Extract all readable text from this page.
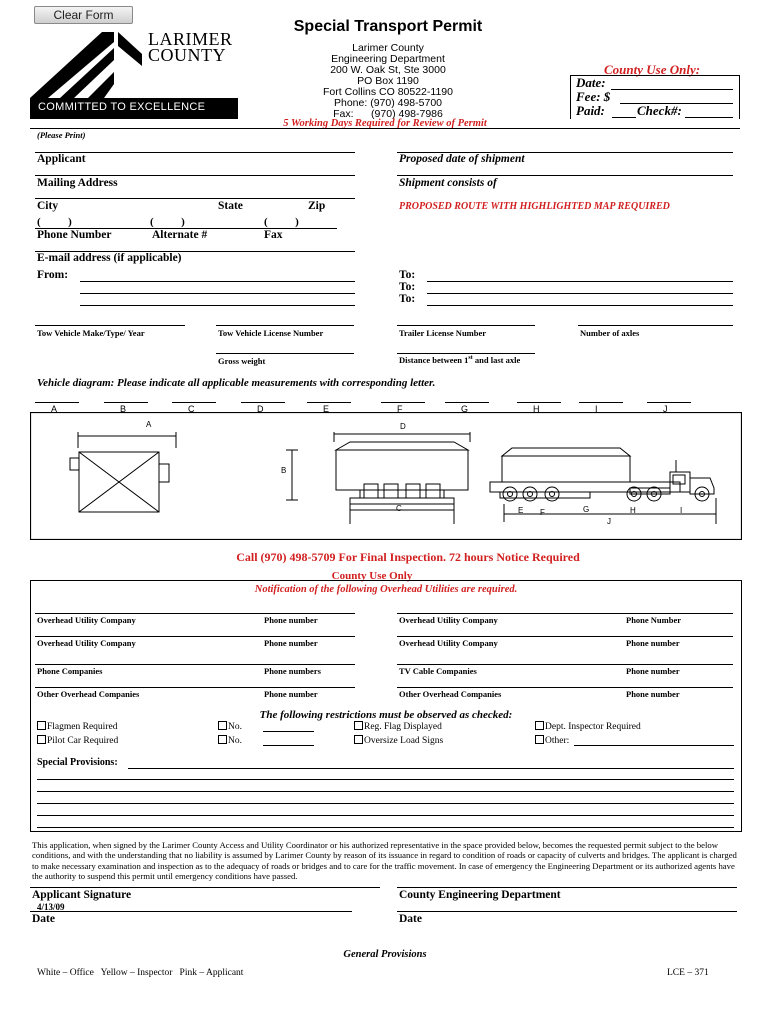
Clear Form
LARIMER
COUNTY
COMMITTED TO EXCELLENCE
Special Transport Permit
Larimer County
Engineering Department
200 W. Oak St, Ste 3000
PO Box 1190
Fort Collins CO 80522-1190
Phone: (970) 498-5700
Fax:      (970) 498-7986
5 Working Days Required for Review of Permit
County Use Only:
Date:
Fee: $
Paid: Check#:
(Please Print)
Applicant
Mailing Address
City	State	Zip
(          )	(          )	(          )
Phone Number	Alternate #	Fax
E-mail address (if applicable)
From:
Proposed date of shipment
Shipment consists of
PROPOSED ROUTE WITH HIGHLIGHTED MAP REQUIRED
To:
To:
To:
Tow Vehicle Make/Type/ Year	Tow Vehicle License Number	Trailer License Number	Number of axles
Gross weight	Distance between 1st and last axle
Vehicle diagram: Please indicate all applicable measurements with corresponding letter.
A	B	C	D	E	F	G	H	I	J
A	D
B
C	E F	G	H	I
J
Call (970) 498-5709 For Final Inspection. 72 hours Notice Required
County Use Only
Notification of the following Overhead Utilities are required.
Overhead Utility Company	Phone number	Overhead Utility Company	Phone Number
Overhead Utility Company	Phone number	Overhead Utility Company	Phone number
Phone Companies	Phone numbers	TV Cable Companies	Phone number
Other Overhead Companies	Phone number	Other Overhead Companies	Phone number
The following restrictions must be observed as checked:
Flagmen Required	No.	Reg. Flag Displayed	Dept. Inspector Required
Pilot Car Required	No.	Oversize Load Signs	Other:
Special Provisions:
This application, when signed by the Larimer County Access and Utility Coordinator or his authorized representative in the space provided below, becomes the requested permit subject to the below conditions, and with the understanding that no liability is assumed by Larimer County by reason of its issuance in regard to condition of roads or capacity of culverts and bridges. The applicant is charged to make necessary examination and inspection as to the adequacy of roads or bridges and to care for the traffic movement. In case of emergency the Engineering Department or its authorized agents have the authority to suspend this permit until emergency conditions have passed.
Applicant Signature	County Engineering Department
4/13/09
Date	Date
General Provisions
White – Office   Yellow – Inspector   Pink – Applicant	LCE – 371
